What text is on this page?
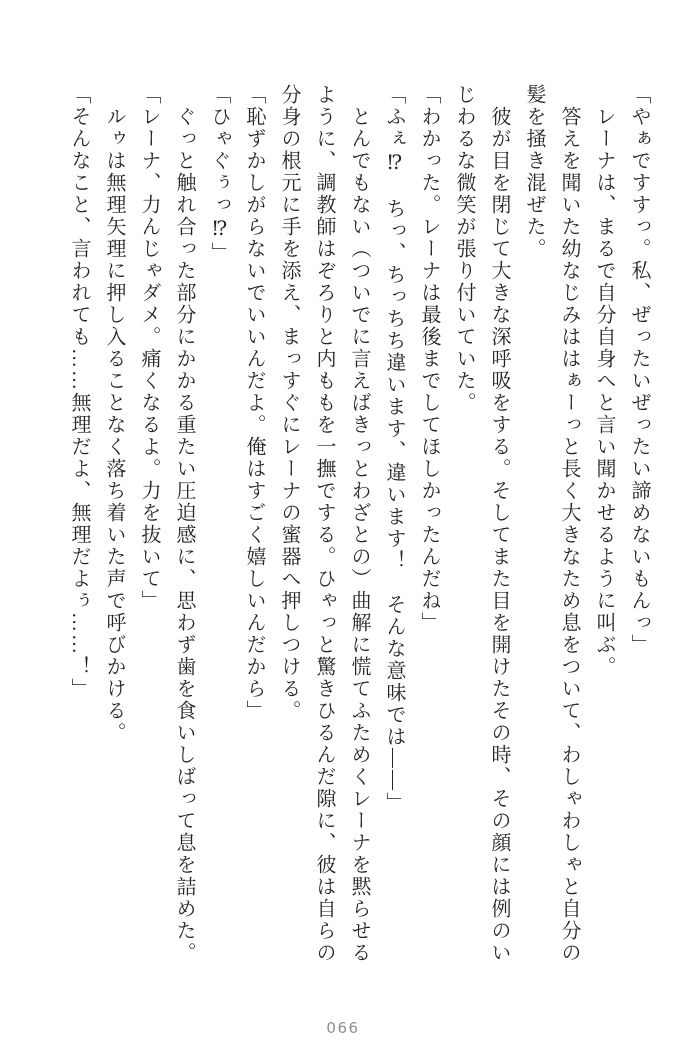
「やぁですすっ。私、ぜったいぜったい諦めないもんっ」

レーナは、まるで自分自身へと言い聞かせるように叫ぶ。

答えを聞いた幼なじみははぁーっと長く大きなため息をついて、わしゃわしゃと自分の

髪を掻き混ぜた。

彼が目を閉じて大きな深呼吸をする。そしてまた目を開けたその時、その顔には例のい

じわるな微笑が張り付いていた。

「わかった。レーナは最後までしてほしかったんだね」

「ふぇ⁉　ちっ、ちっちち違います、違います！　そんな意味では――」

とんでもない（ついでに言えばきっとわざとの）曲解に慌てふためくレーナを黙らせる

ように、調教師はぞろりと内ももを一撫でする。ひゃっと驚きひるんだ隙に、彼は自らの

分身の根元に手を添え、まっすぐにレーナの蜜器へ押しつける。

「恥ずかしがらないでいいんだよ。俺はすごく嬉しいんだから」

「ひゃぐぅっ⁉」

ぐっと触れ合った部分にかかる重たい圧迫感に、思わず歯を食いしばって息を詰めた。

「レーナ、力んじゃダメ。痛くなるよ。力を抜いて」

ルゥは無理矢理に押し入ることなく落ち着いた声で呼びかける。

「そんなこと、言われても……無理だよ、無理だよぅ……！」

066
